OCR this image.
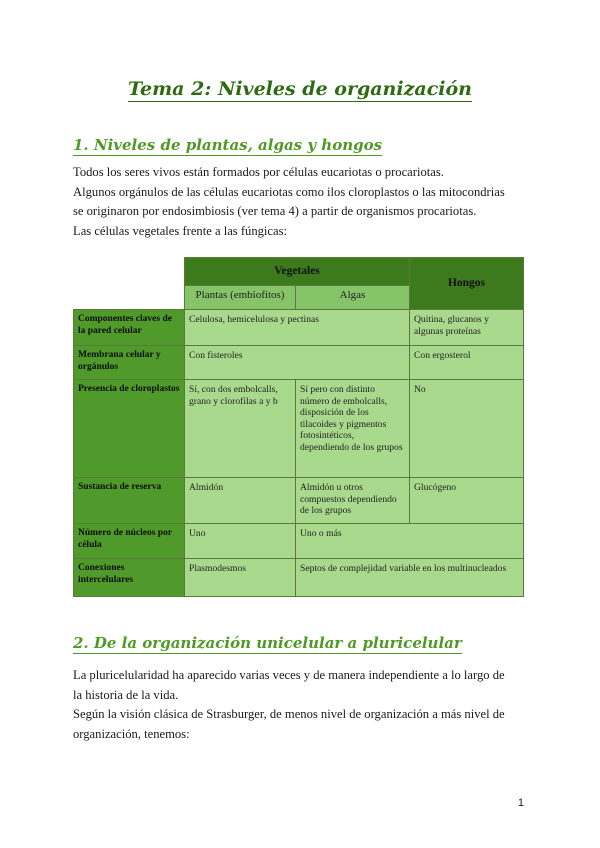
Tema 2: Niveles de organización
1. Niveles de plantas, algas y hongos

Todos los seres vivos están formados por células eucariotas o procariotas.

Algunos orgánulos de las células eucariotas como ilos cloroplastos o las mitocondrias

se originaron por endosimbiosis (ver tema 4) a partir de organismos procariotas.

Las células vegetales frente a las fúngicas:

	Vegetales		Hongos
	Plantas (embiofitos)	Algas	
Componentes claves de la pared celular	Celulosa, hemicelulosa y pectinas		Quitina, glucanos y algunas proteínas
Membrana celular y orgánulos	Con fisteroles		Con ergosterol
Presencia de cloroplastos	Sí, con dos embolcalls, grano y clorofilas a y b	Sí pero con distinto número de embolcalls, disposición de los tilacoides y pigmentos fotosintéticos, dependiendo de los grupos	No
Sustancia de reserva	Almidón	Almidón u otros compuestos dependiendo de los grupos	Glucógeno
Número de núcleos por célula	Uno	Uno o más	
Conexiones intercelulares	Plasmodesmos	Septos de complejidad variable en los multinucleados	
2. De la organización unicelular a pluricelular

La pluricelularidad ha aparecido varias veces y de manera independiente a lo largo de

la historia de la vida.

Según la visión clásica de Strasburger, de menos nivel de organización a más nivel de

organización, tenemos:

1
